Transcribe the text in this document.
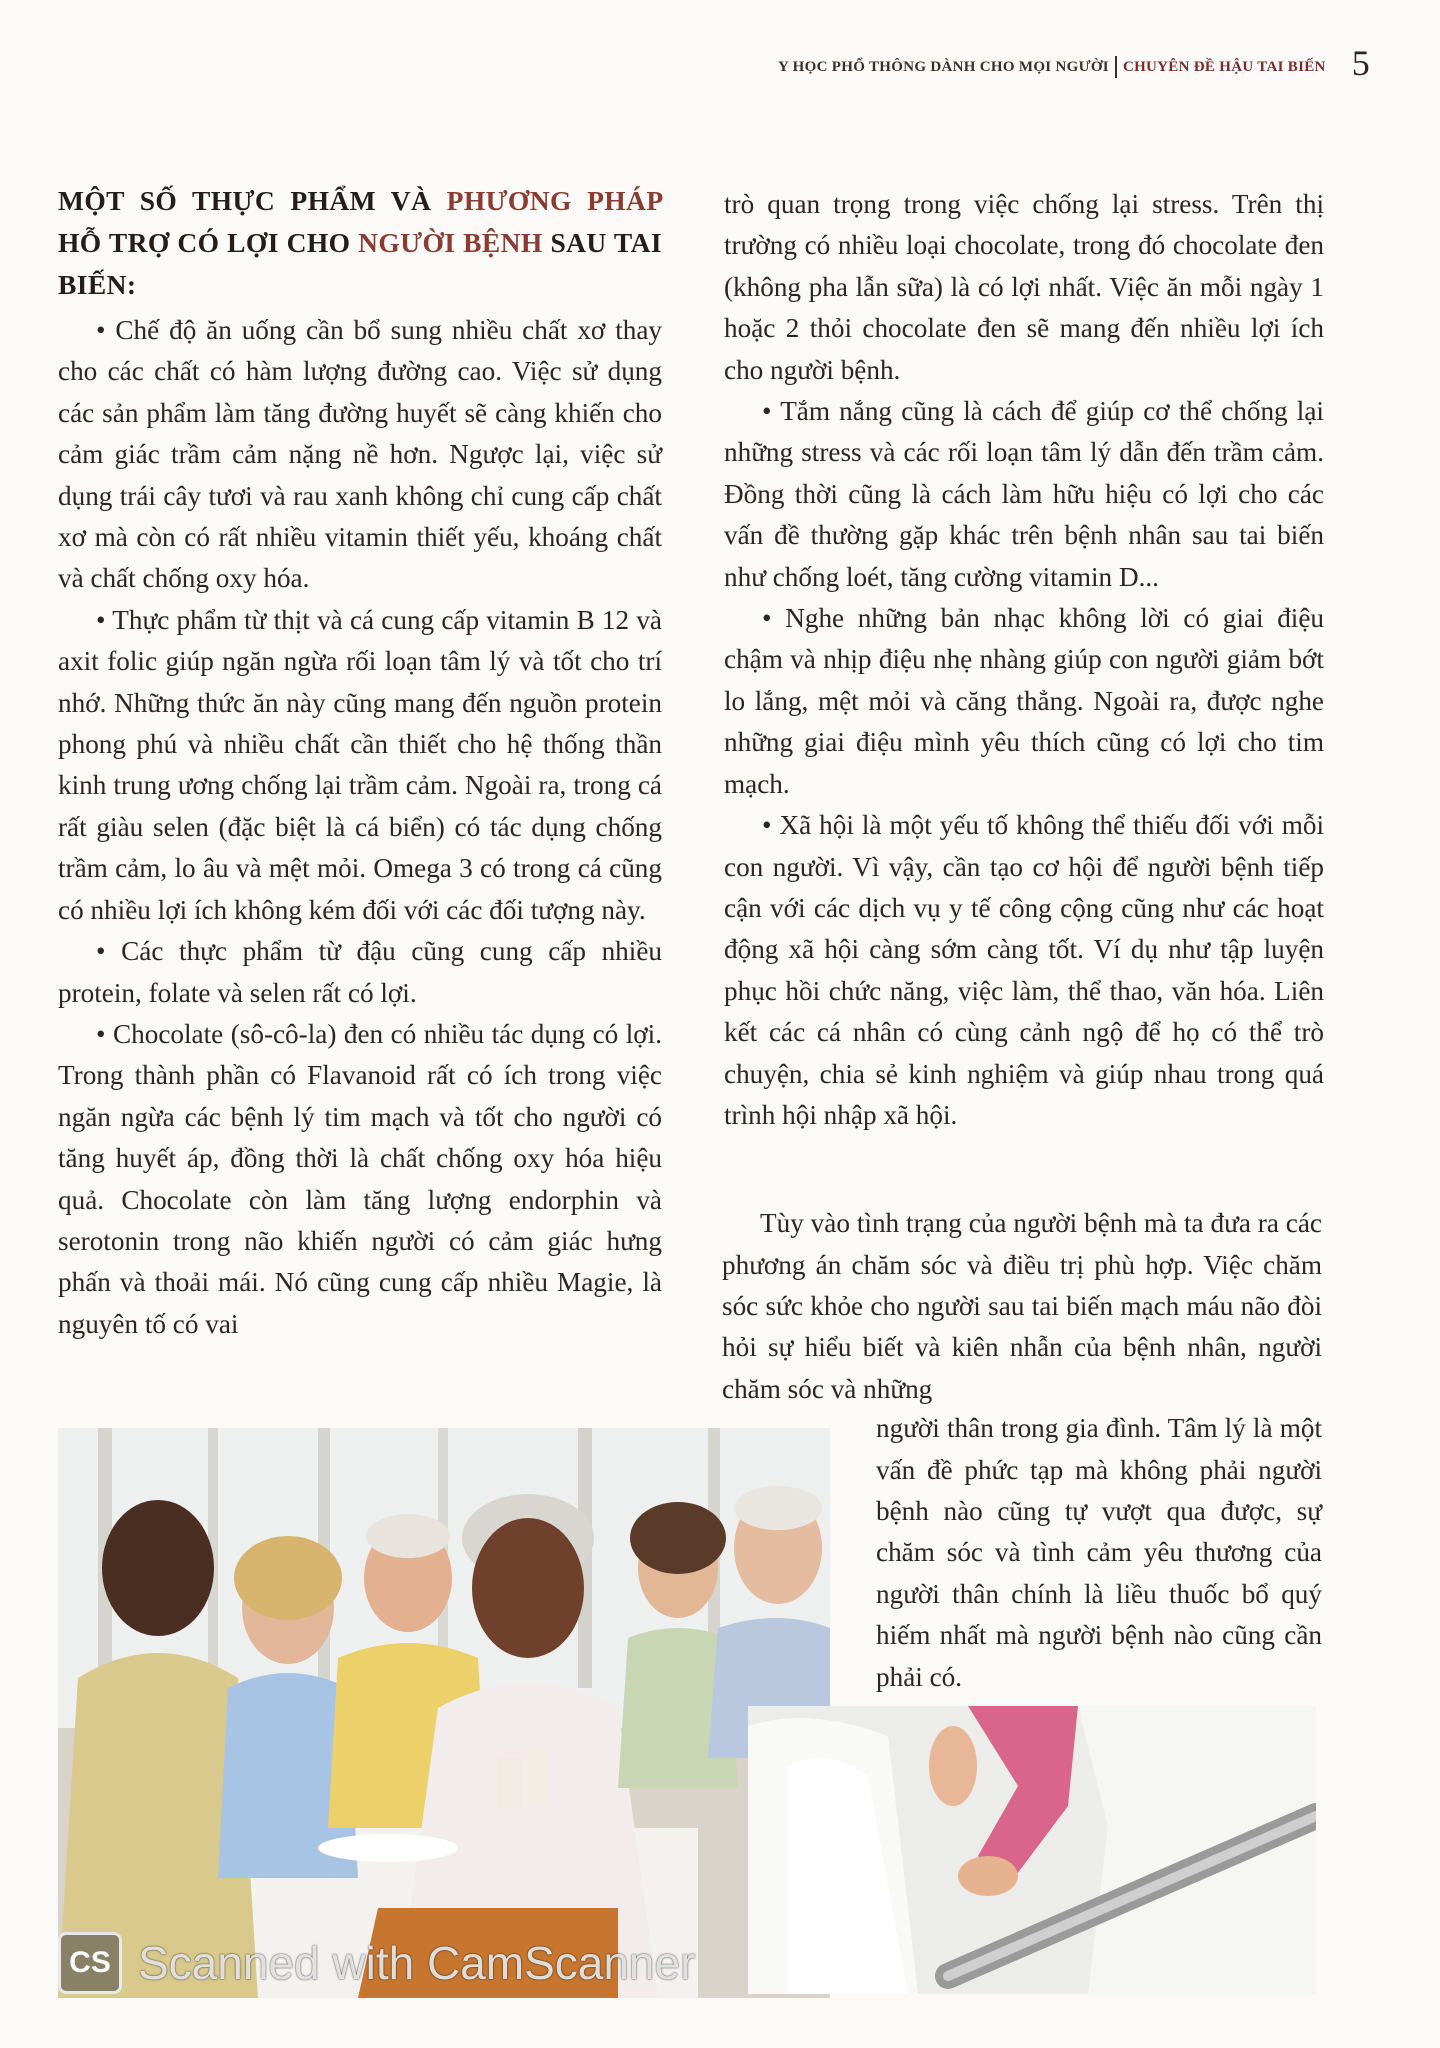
Y HỌC PHỔ THÔNG DÀNH CHO MỌI NGƯỜI CHUYÊN ĐỀ HẬU TAI BIẾN 5
MỘT SỐ THỰC PHẨM VÀ PHƯƠNG PHÁP HỖ TRỢ CÓ LỢI CHO NGƯỜI BỆNH SAU TAI BIẾN:

• Chế độ ăn uống cần bổ sung nhiều chất xơ thay cho các chất có hàm lượng đường cao. Việc sử dụng các sản phẩm làm tăng đường huyết sẽ càng khiến cho cảm giác trầm cảm nặng nề hơn. Ngược lại, việc sử dụng trái cây tươi và rau xanh không chỉ cung cấp chất xơ mà còn có rất nhiều vitamin thiết yếu, khoáng chất và chất chống oxy hóa.

• Thực phẩm từ thịt và cá cung cấp vitamin B 12 và axit folic giúp ngăn ngừa rối loạn tâm lý và tốt cho trí nhớ. Những thức ăn này cũng mang đến nguồn protein phong phú và nhiều chất cần thiết cho hệ thống thần kinh trung ương chống lại trầm cảm. Ngoài ra, trong cá rất giàu selen (đặc biệt là cá biển) có tác dụng chống trầm cảm, lo âu và mệt mỏi. Omega 3 có trong cá cũng có nhiều lợi ích không kém đối với các đối tượng này.

• Các thực phẩm từ đậu cũng cung cấp nhiều protein, folate và selen rất có lợi.

• Chocolate (sô-cô-la) đen có nhiều tác dụng có lợi. Trong thành phần có Flavanoid rất có ích trong việc ngăn ngừa các bệnh lý tim mạch và tốt cho người có tăng huyết áp, đồng thời là chất chống oxy hóa hiệu quả. Chocolate còn làm tăng lượng endorphin và serotonin trong não khiến người có cảm giác hưng phấn và thoải mái. Nó cũng cung cấp nhiều Magie, là nguyên tố có vai

trò quan trọng trong việc chống lại stress. Trên thị trường có nhiều loại chocolate, trong đó chocolate đen (không pha lẫn sữa) là có lợi nhất. Việc ăn mỗi ngày 1 hoặc 2 thỏi chocolate đen sẽ mang đến nhiều lợi ích cho người bệnh.

• Tắm nắng cũng là cách để giúp cơ thể chống lại những stress và các rối loạn tâm lý dẫn đến trầm cảm. Đồng thời cũng là cách làm hữu hiệu có lợi cho các vấn đề thường gặp khác trên bệnh nhân sau tai biến như chống loét, tăng cường vitamin D...

• Nghe những bản nhạc không lời có giai điệu chậm và nhịp điệu nhẹ nhàng giúp con người giảm bớt lo lắng, mệt mỏi và căng thẳng. Ngoài ra, được nghe những giai điệu mình yêu thích cũng có lợi cho tim mạch.

• Xã hội là một yếu tố không thể thiếu đối với mỗi con người. Vì vậy, cần tạo cơ hội để người bệnh tiếp cận với các dịch vụ y tế công cộng cũng như các hoạt động xã hội càng sớm càng tốt. Ví dụ như tập luyện phục hồi chức năng, việc làm, thể thao, văn hóa. Liên kết các cá nhân có cùng cảnh ngộ để họ có thể trò chuyện, chia sẻ kinh nghiệm và giúp nhau trong quá trình hội nhập xã hội.

Tùy vào tình trạng của người bệnh mà ta đưa ra các phương án chăm sóc và điều trị phù hợp. Việc chăm sóc sức khỏe cho người sau tai biến mạch máu não đòi hỏi sự hiểu biết và kiên nhẫn của bệnh nhân, người chăm sóc và những

người thân trong gia đình. Tâm lý là một vấn đề phức tạp mà không phải người bệnh nào cũng tự vượt qua được, sự chăm sóc và tình cảm yêu thương của người thân chính là liều thuốc bổ quý hiếm nhất mà người bệnh nào cũng cần phải có.

CS Scanned with CamScanner
